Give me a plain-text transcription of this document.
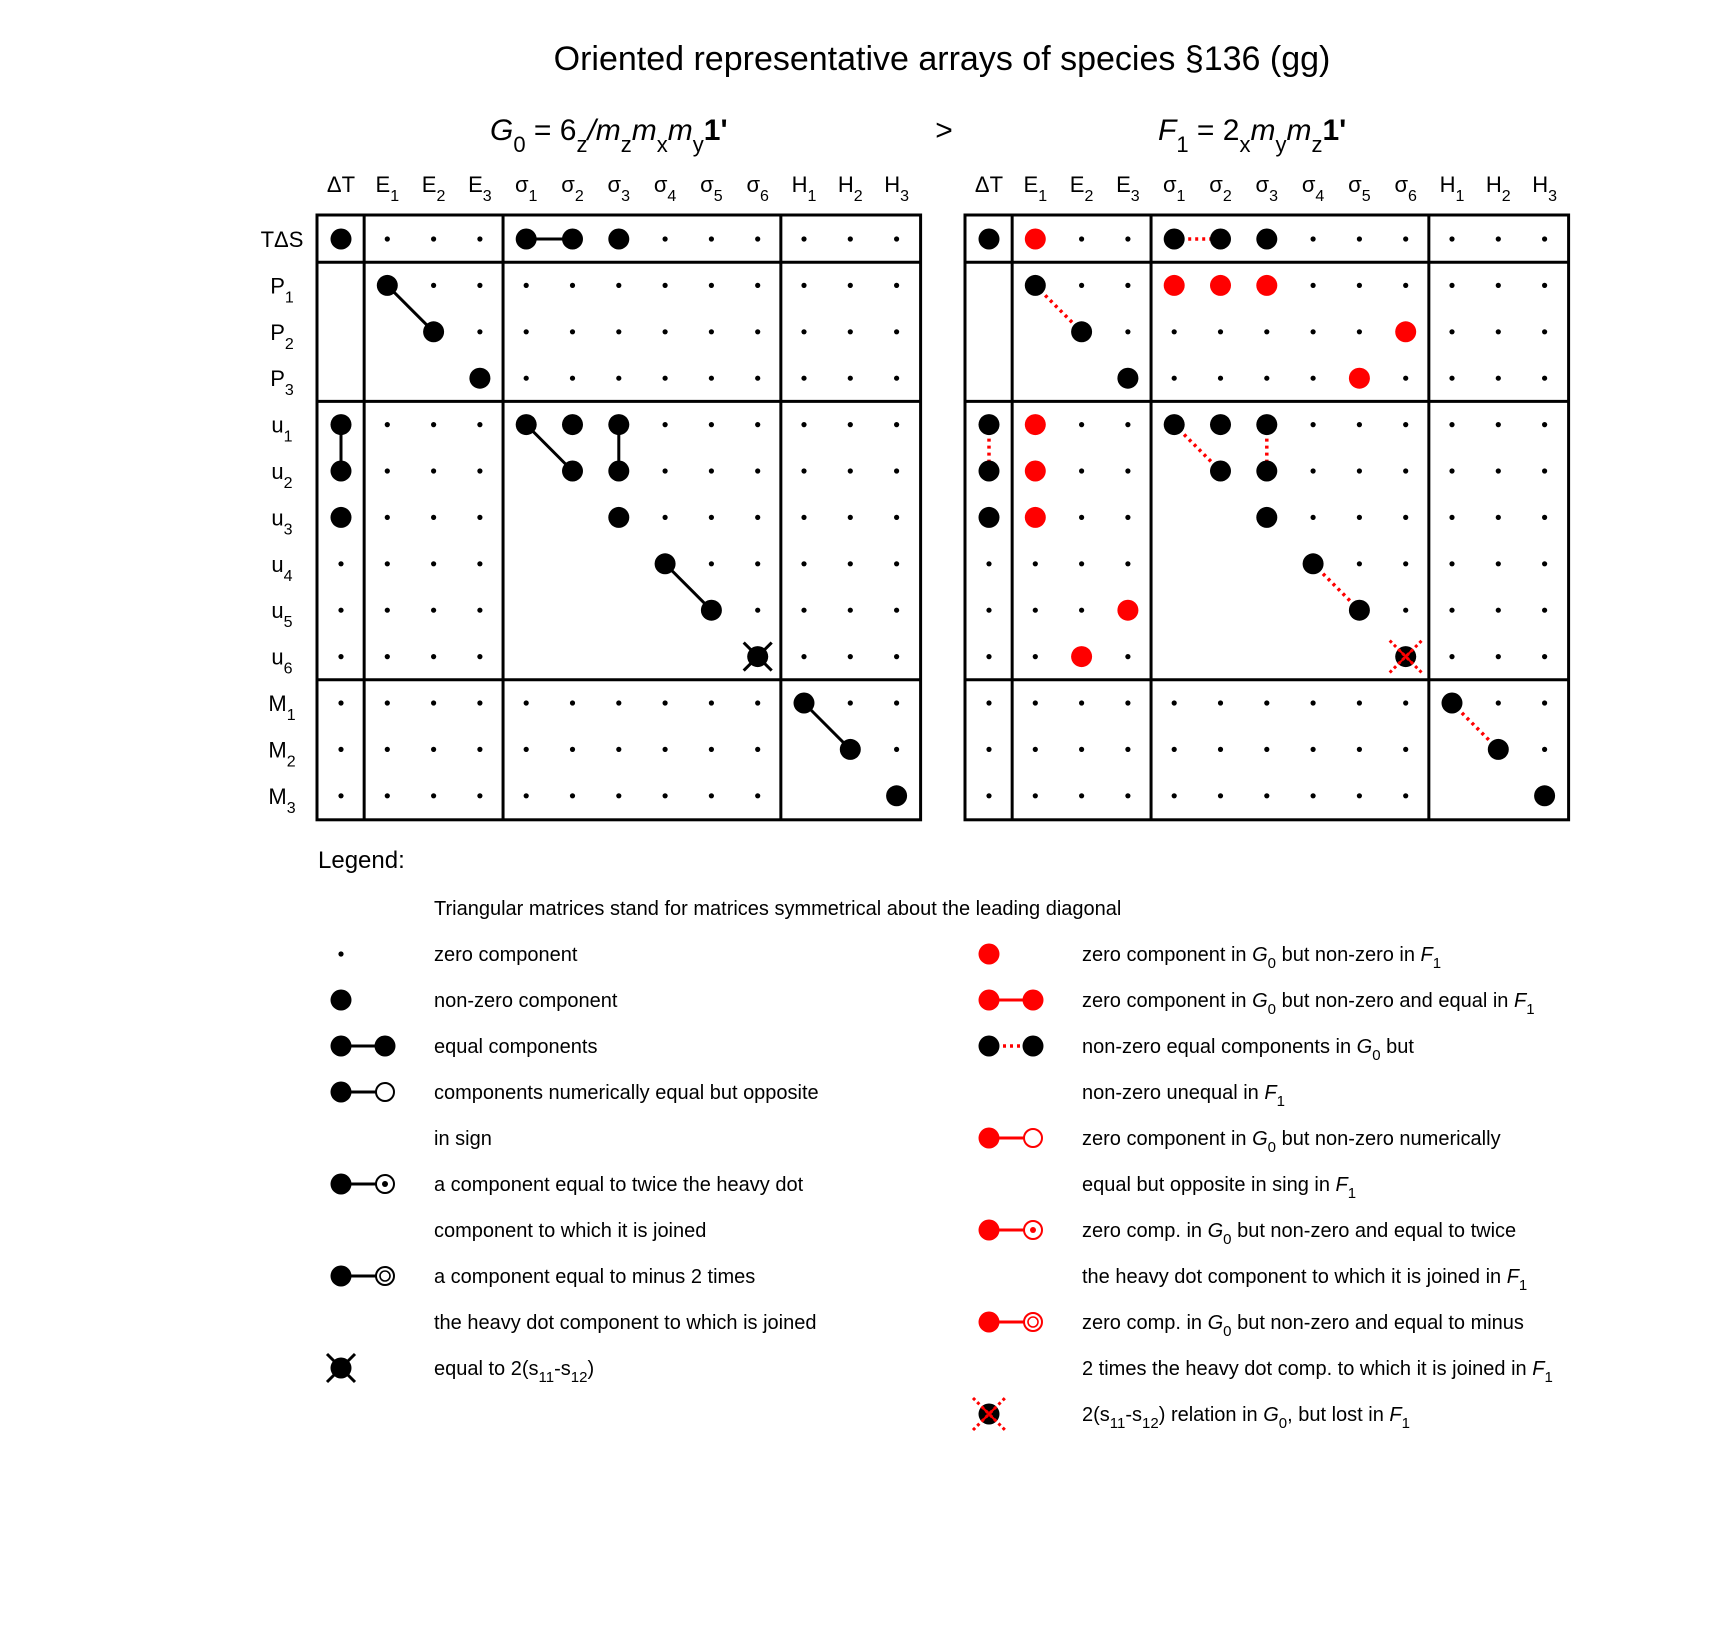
Oriented representative arrays of species §136 (gg)
$G_0 = 6_z/m_zm_xm_y1'$	>	$F_1 = 2_xm_ym_z1'$
ΔT $E_1$ $E_2$ $E_3$ $\sigma_1$ $\sigma_2$ $\sigma_3$ $\sigma_4$ $\sigma_5$ $\sigma_6$ $H_1$ $H_2$ $H_3$
TΔS
$P_1$
$P_2$
$P_3$
$u_1$
$u_2$
$u_3$
$u_4$
$u_5$
$u_6$
$M_1$
$M_2$
$M_3$
ΔT $E_1$ $E_2$ $E_3$ $\sigma_1$ $\sigma_2$ $\sigma_3$ $\sigma_4$ $\sigma_5$ $\sigma_6$ $H_1$ $H_2$ $H_3$
Legend:
Triangular matrices stand for matrices symmetrical about the leading diagonal
zero component
non-zero component
equal components
components numerically equal but opposite
in sign
a component equal to twice the heavy dot
component to which it is joined
a component equal to minus 2 times
the heavy dot component to which is joined
equal to $2(s_{11}-s_{12})$
zero component in $G_0$ but non-zero in $F_1$
zero component in $G_0$ but non-zero and equal in $F_1$
non-zero equal components in $G_0$ but
non-zero unequal in $F_1$
zero component in $G_0$ but non-zero numerically
equal but opposite in sing in $F_1$
zero comp. in $G_0$ but non-zero and equal to twice
the heavy dot component to which it is joined in $F_1$
zero comp. in $G_0$ but non-zero and equal to minus
2 times the heavy dot comp. to which it is joined in $F_1$
$2(s_{11}-s_{12})$ relation in $G_0$, but lost in $F_1$
